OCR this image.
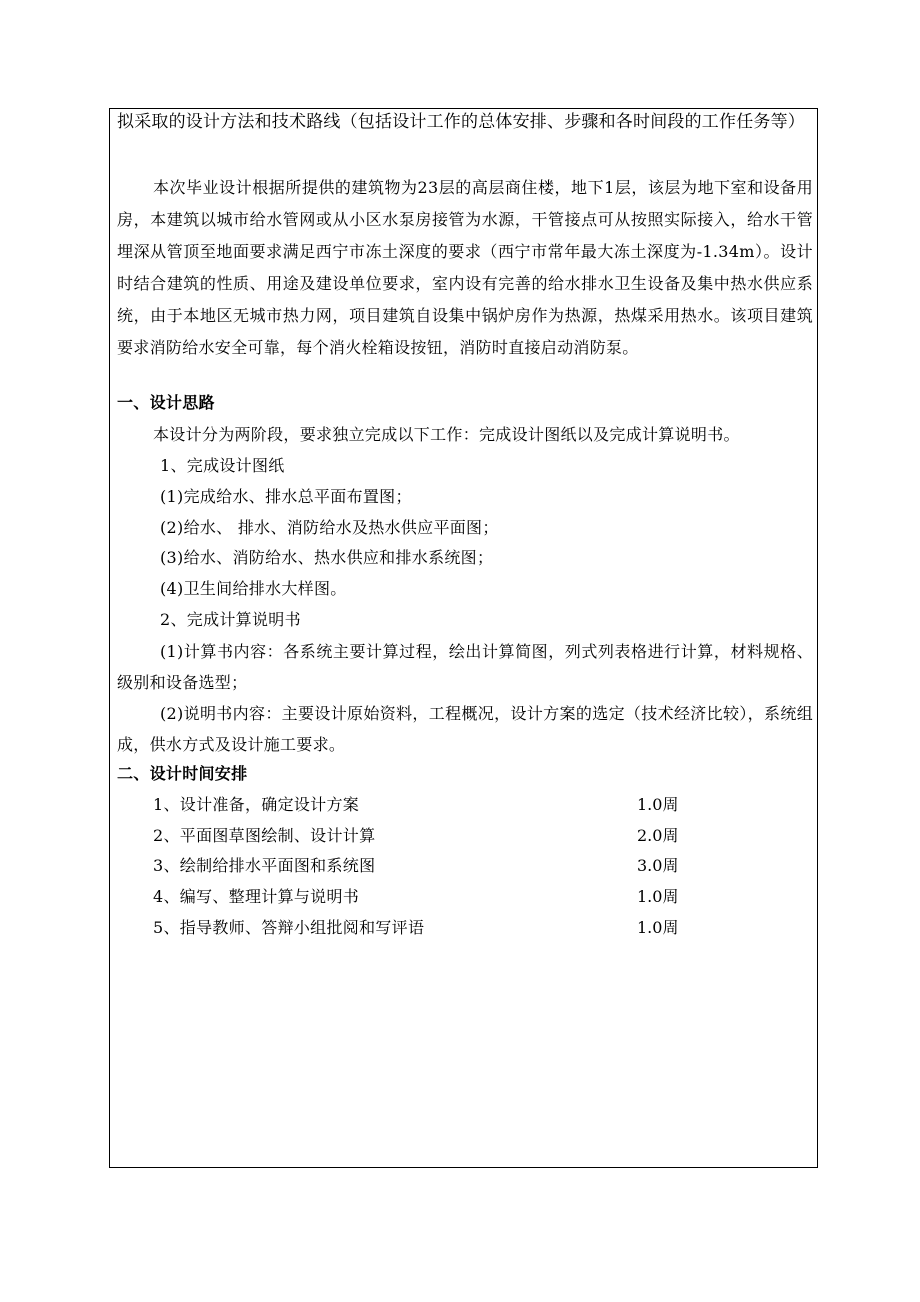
拟采取的设计方法和技术路线（包括设计工作的总体安排、步骤和各时间段的工作任务等）
本次毕业设计根据所提供的建筑物为23层的高层商住楼，地下1层，该层为地下室和设备用房，本建筑以城市给水管网或从小区水泵房接管为水源，干管接点可从按照实际接入，给水干管埋深从管顶至地面要求满足西宁市冻土深度的要求（西宁市常年最大冻土深度为-1.34m）。设计时结合建筑的性质、用途及建设单位要求，室内设有完善的给水排水卫生设备及集中热水供应系统，由于本地区无城市热力网，项目建筑自设集中锅炉房作为热源，热煤采用热水。该项目建筑要求消防给水安全可靠，每个消火栓箱设按钮，消防时直接启动消防泵。
一、设计思路
本设计分为两阶段，要求独立完成以下工作：完成设计图纸以及完成计算说明书。
1、完成设计图纸
(1)完成给水、排水总平面布置图；
(2)给水、 排水、消防给水及热水供应平面图；
(3)给水、消防给水、热水供应和排水系统图；
(4)卫生间给排水大样图。
2、完成计算说明书
(1)计算书内容：各系统主要计算过程，绘出计算简图，列式列表格进行计算，材料规格、级别和设备选型；
(2)说明书内容：主要设计原始资料，工程概况，设计方案的选定（技术经济比较），系统组成，供水方式及设计施工要求。
二、设计时间安排
1、设计准备，确定设计方案	1.0周
2、平面图草图绘制、设计计算	2.0周
3、绘制给排水平面图和系统图	3.0周
4、编写、整理计算与说明书	1.0周
5、指导教师、答辩小组批阅和写评语	1.0周
